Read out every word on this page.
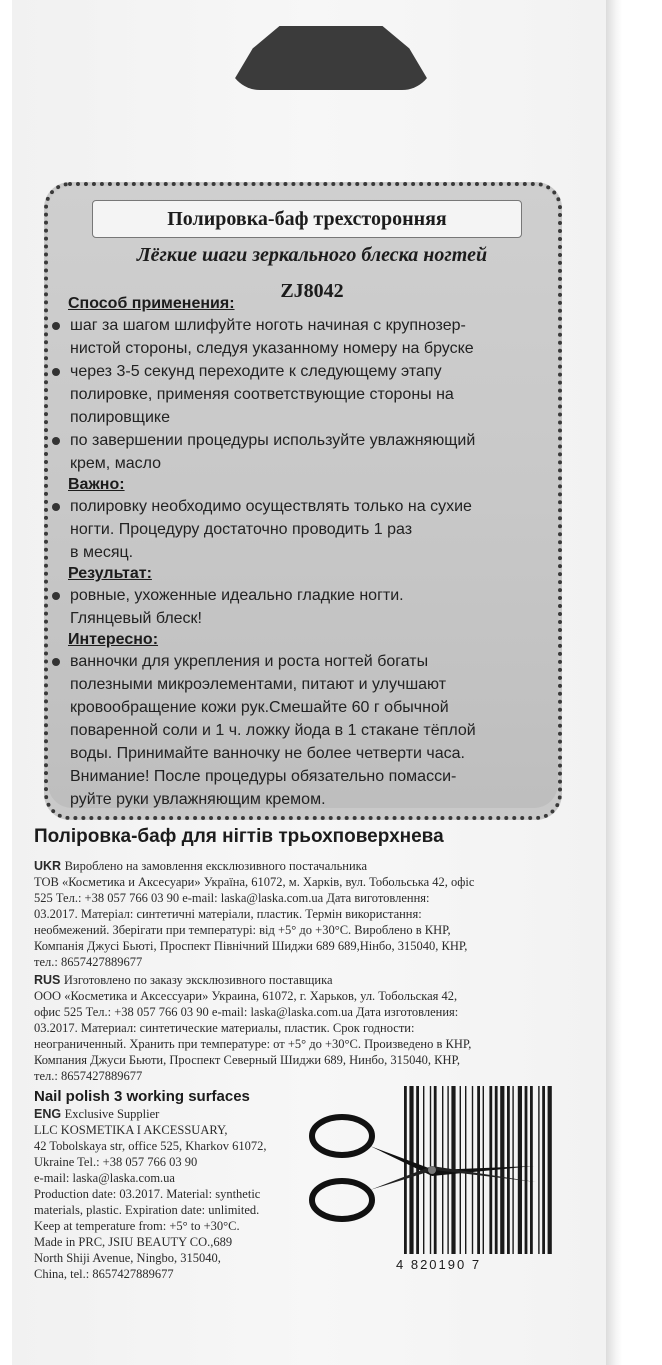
Полировка-баф трехсторонняя
Лёгкие шаги зеркального блеска ногтей
ZJ8042

Способ применения:

шаг за шагом шлифуйте ноготь начиная с крупнозер-
нистой стороны, следуя указанному номеру на бруске
через 3-5 секунд переходите к следующему этапу
полировке, применяя соответствующие стороны на
полировщике
по завершении процедуры используйте увлажняющий
крем, масло

Важно:

полировку необходимо осуществлять только на сухие
ногти. Процедуру достаточно проводить 1 раз
в месяц.

Результат:

ровные, ухоженные идеально гладкие ногти.
Глянцевый блеск!

Интересно:

ванночки для укрепления и роста ногтей богаты
полезными микроэлементами, питают и улучшают
кровообращение кожи рук.Смешайте 60 г обычной
поваренной соли и 1 ч. ложку йода в 1 стакане тёплой
воды. Принимайте ванночку не более четверти часа.
Внимание! После процедуры обязательно помасси-
руйте руки увлажняющим кремом.
Поліровка-баф для нігтів трьохповерхнева

UKR Вироблено на замовлення ексклюзивного постачальника

ТОВ «Косметика и Аксесуари» Україна, 61072, м. Харків, вул. Тобольська 42, офіс

525 Тел.: +38 057 766 03 90 e-mail: laska@laska.com.ua Дата виготовлення:

03.2017. Матеріал: синтетичні матеріали, пластик. Термін використання:

необмежений. Зберігати при температурі: від +5° до +30°С. Вироблено в КНР,

Компанія Джусі Бьюті, Проспект Північний Шиджи 689 689,Нінбо, 315040, КНР,

тел.: 8657427889677

RUS Изготовлено по заказу эксклюзивного поставщика

ООО «Косметика и Аксессуари» Украина, 61072, г. Харьков, ул. Тобольская 42,

офис 525 Тел.: +38 057 766 03 90 e-mail: laska@laska.com.ua Дата изготовления:

03.2017. Материал: синтетические материалы, пластик. Срок годности:

неограниченный. Хранить при температуре: от +5° до +30°С. Произведено в КНР,

Компания Джуси Бьюти, Проспект Северный Шиджи 689, Нинбо, 315040, КНР,

тел.: 8657427889677

Nail polish 3 working surfaces

ENG Exclusive Supplier

LLC KOSMETIKA I AKCESSUARY,

42 Tobolskaya str, office 525, Kharkov 61072,

Ukraine Tel.: +38 057 766 03 90

e-mail: laska@laska.com.ua

Production date: 03.2017. Material: synthetic

materials, plastic. Expiration date: unlimited.

Keep at temperature from: +5° to +30°C.

Made in PRC, JSIU BEAUTY CO.,689

North Shiji Avenue, Ningbo, 315040,

China, tel.: 8657427889677

4 820190 7
